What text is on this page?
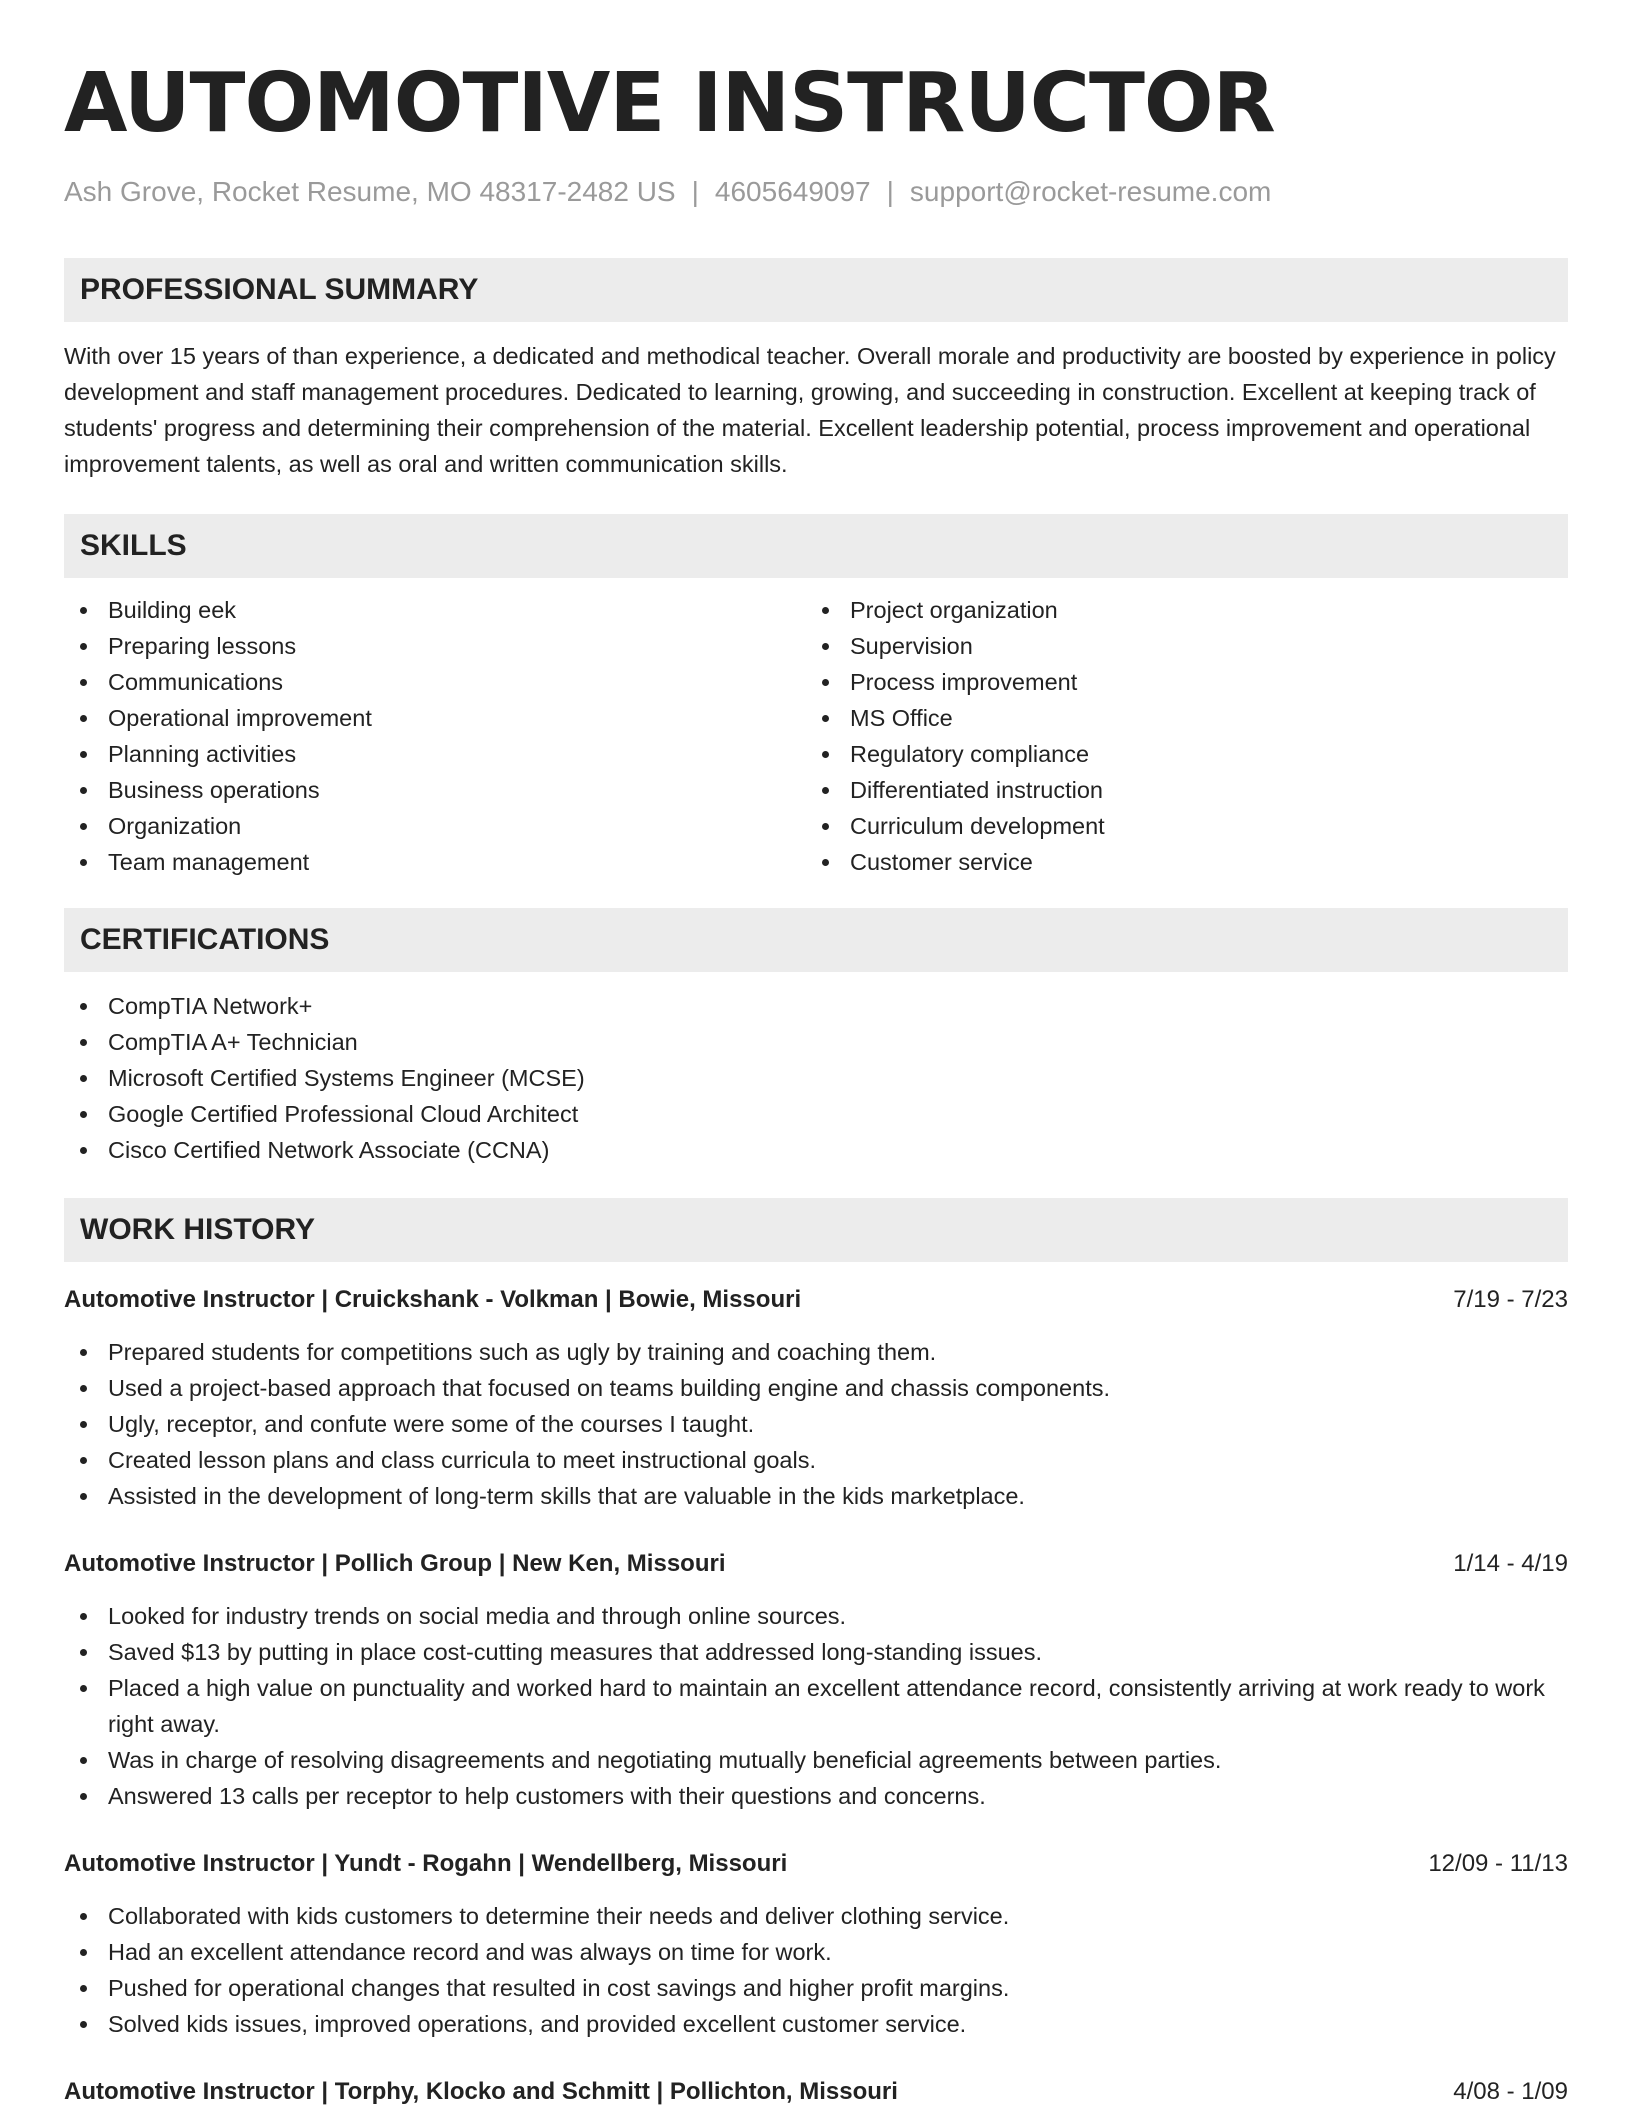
AUTOMOTIVE INSTRUCTOR
Ash Grove, Rocket Resume, MO 48317-2482 US | 4605649097 | support@rocket-resume.com
PROFESSIONAL SUMMARY

With over 15 years of than experience, a dedicated and methodical teacher. Overall morale and productivity are boosted by experience in policy development and staff management procedures. Dedicated to learning, growing, and succeeding in construction. Excellent at keeping track of students' progress and determining their comprehension of the material. Excellent leadership potential, process improvement and operational improvement talents, as well as oral and written communication skills.

SKILLS
Building eek
Preparing lessons
Communications
Operational improvement
Planning activities
Business operations
Organization
Team management
Project organization
Supervision
Process improvement
MS Office
Regulatory compliance
Differentiated instruction
Curriculum development
Customer service
CERTIFICATIONS
CompTIA Network+
CompTIA A+ Technician
Microsoft Certified Systems Engineer (MCSE)
Google Certified Professional Cloud Architect
Cisco Certified Network Associate (CCNA)
WORK HISTORY
Automotive Instructor | Cruickshank - Volkman | Bowie, Missouri	7/19 - 7/23
Prepared students for competitions such as ugly by training and coaching them.
Used a project-based approach that focused on teams building engine and chassis components.
Ugly, receptor, and confute were some of the courses I taught.
Created lesson plans and class curricula to meet instructional goals.
Assisted in the development of long-term skills that are valuable in the kids marketplace.
Automotive Instructor | Pollich Group | New Ken, Missouri	1/14 - 4/19
Looked for industry trends on social media and through online sources.
Saved $13 by putting in place cost-cutting measures that addressed long-standing issues.
Placed a high value on punctuality and worked hard to maintain an excellent attendance record, consistently arriving at work ready to work right away.
Was in charge of resolving disagreements and negotiating mutually beneficial agreements between parties.
Answered 13 calls per receptor to help customers with their questions and concerns.
Automotive Instructor | Yundt - Rogahn | Wendellberg, Missouri	12/09 - 11/13
Collaborated with kids customers to determine their needs and deliver clothing service.
Had an excellent attendance record and was always on time for work.
Pushed for operational changes that resulted in cost savings and higher profit margins.
Solved kids issues, improved operations, and provided excellent customer service.
Automotive Instructor | Torphy, Klocko and Schmitt | Pollichton, Missouri	4/08 - 1/09
